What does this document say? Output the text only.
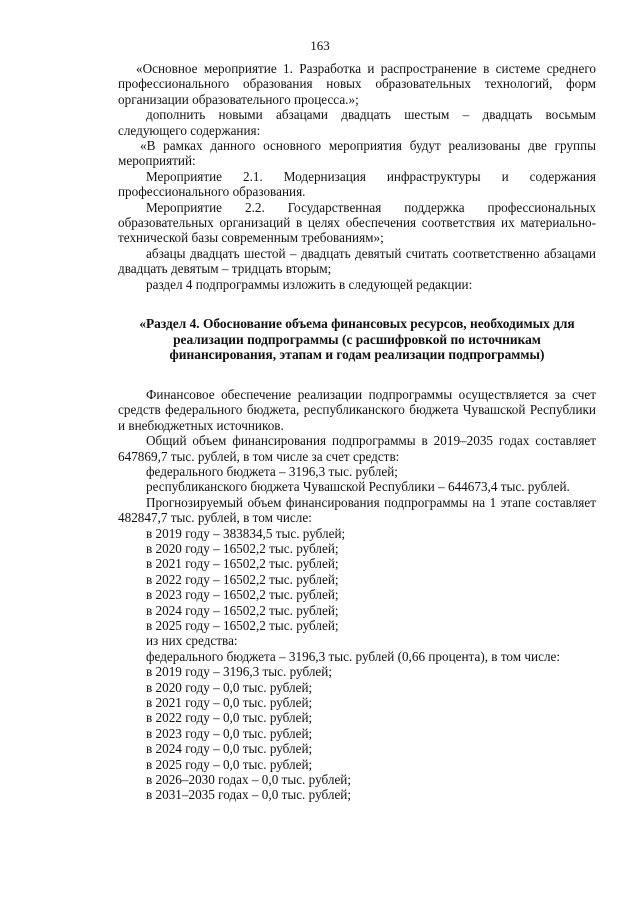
163

«Основное мероприятие 1. Разработка и распространение в системе среднего профессионального образования новых образовательных технологий, форм организации образовательного процесса.»;

дополнить новыми абзацами двадцать шестым – двадцать восьмым следующего содержания:

«В рамках данного основного мероприятия будут реализованы две группы мероприятий:

Мероприятие 2.1. Модернизация инфраструктуры и содержания профессионального образования.

Мероприятие 2.2. Государственная поддержка профессиональных образовательных организаций в целях обеспечения соответствия их материально-технической базы современным требованиям»;

абзацы двадцать шестой – двадцать девятый считать соответственно абзацами двадцать девятым – тридцать вторым;

раздел 4 подпрограммы изложить в следующей редакции:

«Раздел 4. Обоснование объема финансовых ресурсов, необходимых для реализации подпрограммы (с расшифровкой по источникам финансирования, этапам и годам реализации подпрограммы)

Финансовое обеспечение реализации подпрограммы осуществляется за счет средств федерального бюджета, республиканского бюджета Чувашской Республики и внебюджетных источников.

Общий объем финансирования подпрограммы в 2019–2035 годах составляет 647869,7 тыс. рублей, в том числе за счет средств:

федерального бюджета – 3196,3 тыс. рублей;

республиканского бюджета Чувашской Республики – 644673,4 тыс. рублей.

Прогнозируемый объем финансирования подпрограммы на 1 этапе составляет 482847,7 тыс. рублей, в том числе:

в 2019 году – 383834,5 тыс. рублей;

в 2020 году – 16502,2 тыс. рублей;

в 2021 году – 16502,2 тыс. рублей;

в 2022 году – 16502,2 тыс. рублей;

в 2023 году – 16502,2 тыс. рублей;

в 2024 году – 16502,2 тыс. рублей;

в 2025 году – 16502,2 тыс. рублей;

из них средства:

федерального бюджета – 3196,3 тыс. рублей (0,66 процента), в том числе:

в 2019 году – 3196,3 тыс. рублей;

в 2020 году – 0,0 тыс. рублей;

в 2021 году – 0,0 тыс. рублей;

в 2022 году – 0,0 тыс. рублей;

в 2023 году – 0,0 тыс. рублей;

в 2024 году – 0,0 тыс. рублей;

в 2025 году – 0,0 тыс. рублей;

в 2026–2030 годах – 0,0 тыс. рублей;

в 2031–2035 годах – 0,0 тыс. рублей;
